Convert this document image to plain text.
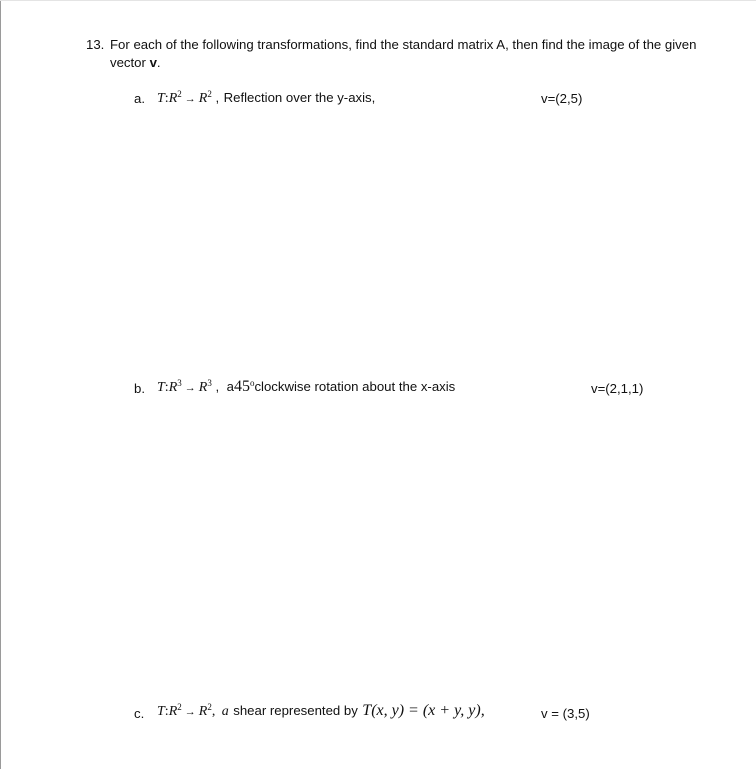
13. For each of the following transformations, find the standard matrix A, then find the image of the given
vector v.
a. $T:R^2 \to R^2$ , Reflection over the y-axis,	v=(2,5)
b. $T:R^3 \to R^3$ , a45$^o$clockwise rotation about the x-axis	v=(2,1,1)
c. $T:R^2 \to R^2$, a shear represented by T(x, y) = (x + y, y),	v = (3,5)
